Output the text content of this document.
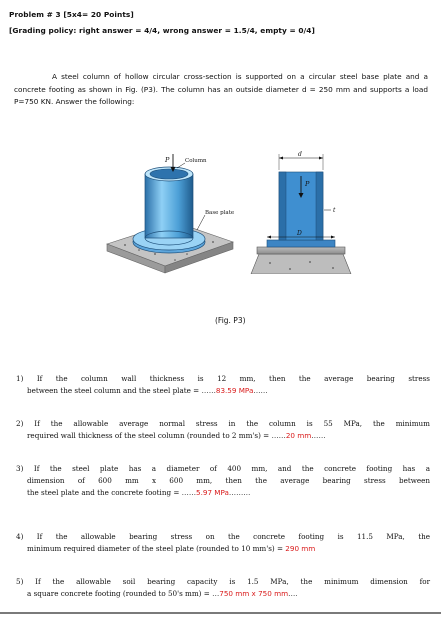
Problem # 3 [5x4= 20 Points]
[Grading policy: right answer = 4/4, wrong answer = 1.5/4, empty = 0/4]
A steel column of hollow circular cross-section is supported on a circular steel base plate and a concrete footing as shown in Fig. (P3). The column has an outside diameter d = 250 mm and supports a load P=750 KN. Answer the following:
P	Column
Base plate
d
P
t
D
(Fig. P3)
1) If the column wall thickness is 12 mm, then the average bearing stress
between the steel column and the steel plate = ……83.59 MPa……
2) If the allowable average normal stress in the column is 55 MPa, the minimum
required wall thickness of the steel column (rounded to 2 mm's) = ……20 mm……
3) If the steel plate has a diameter of 400 mm, and the concrete footing has a
dimension of 600 mm x 600 mm, then the average bearing stress between
the steel plate and the concrete footing = ……5.97 MPa………
4) If the allowable bearing stress on the concrete footing is 11.5 MPa, the
minimum required diameter of the steel plate (rounded to 10 mm's) = 290 mm
5) If the allowable soil bearing capacity is 1.5 MPa, the minimum dimension for
a square concrete footing (rounded to 50's mm) = …750 mm x 750 mm….
